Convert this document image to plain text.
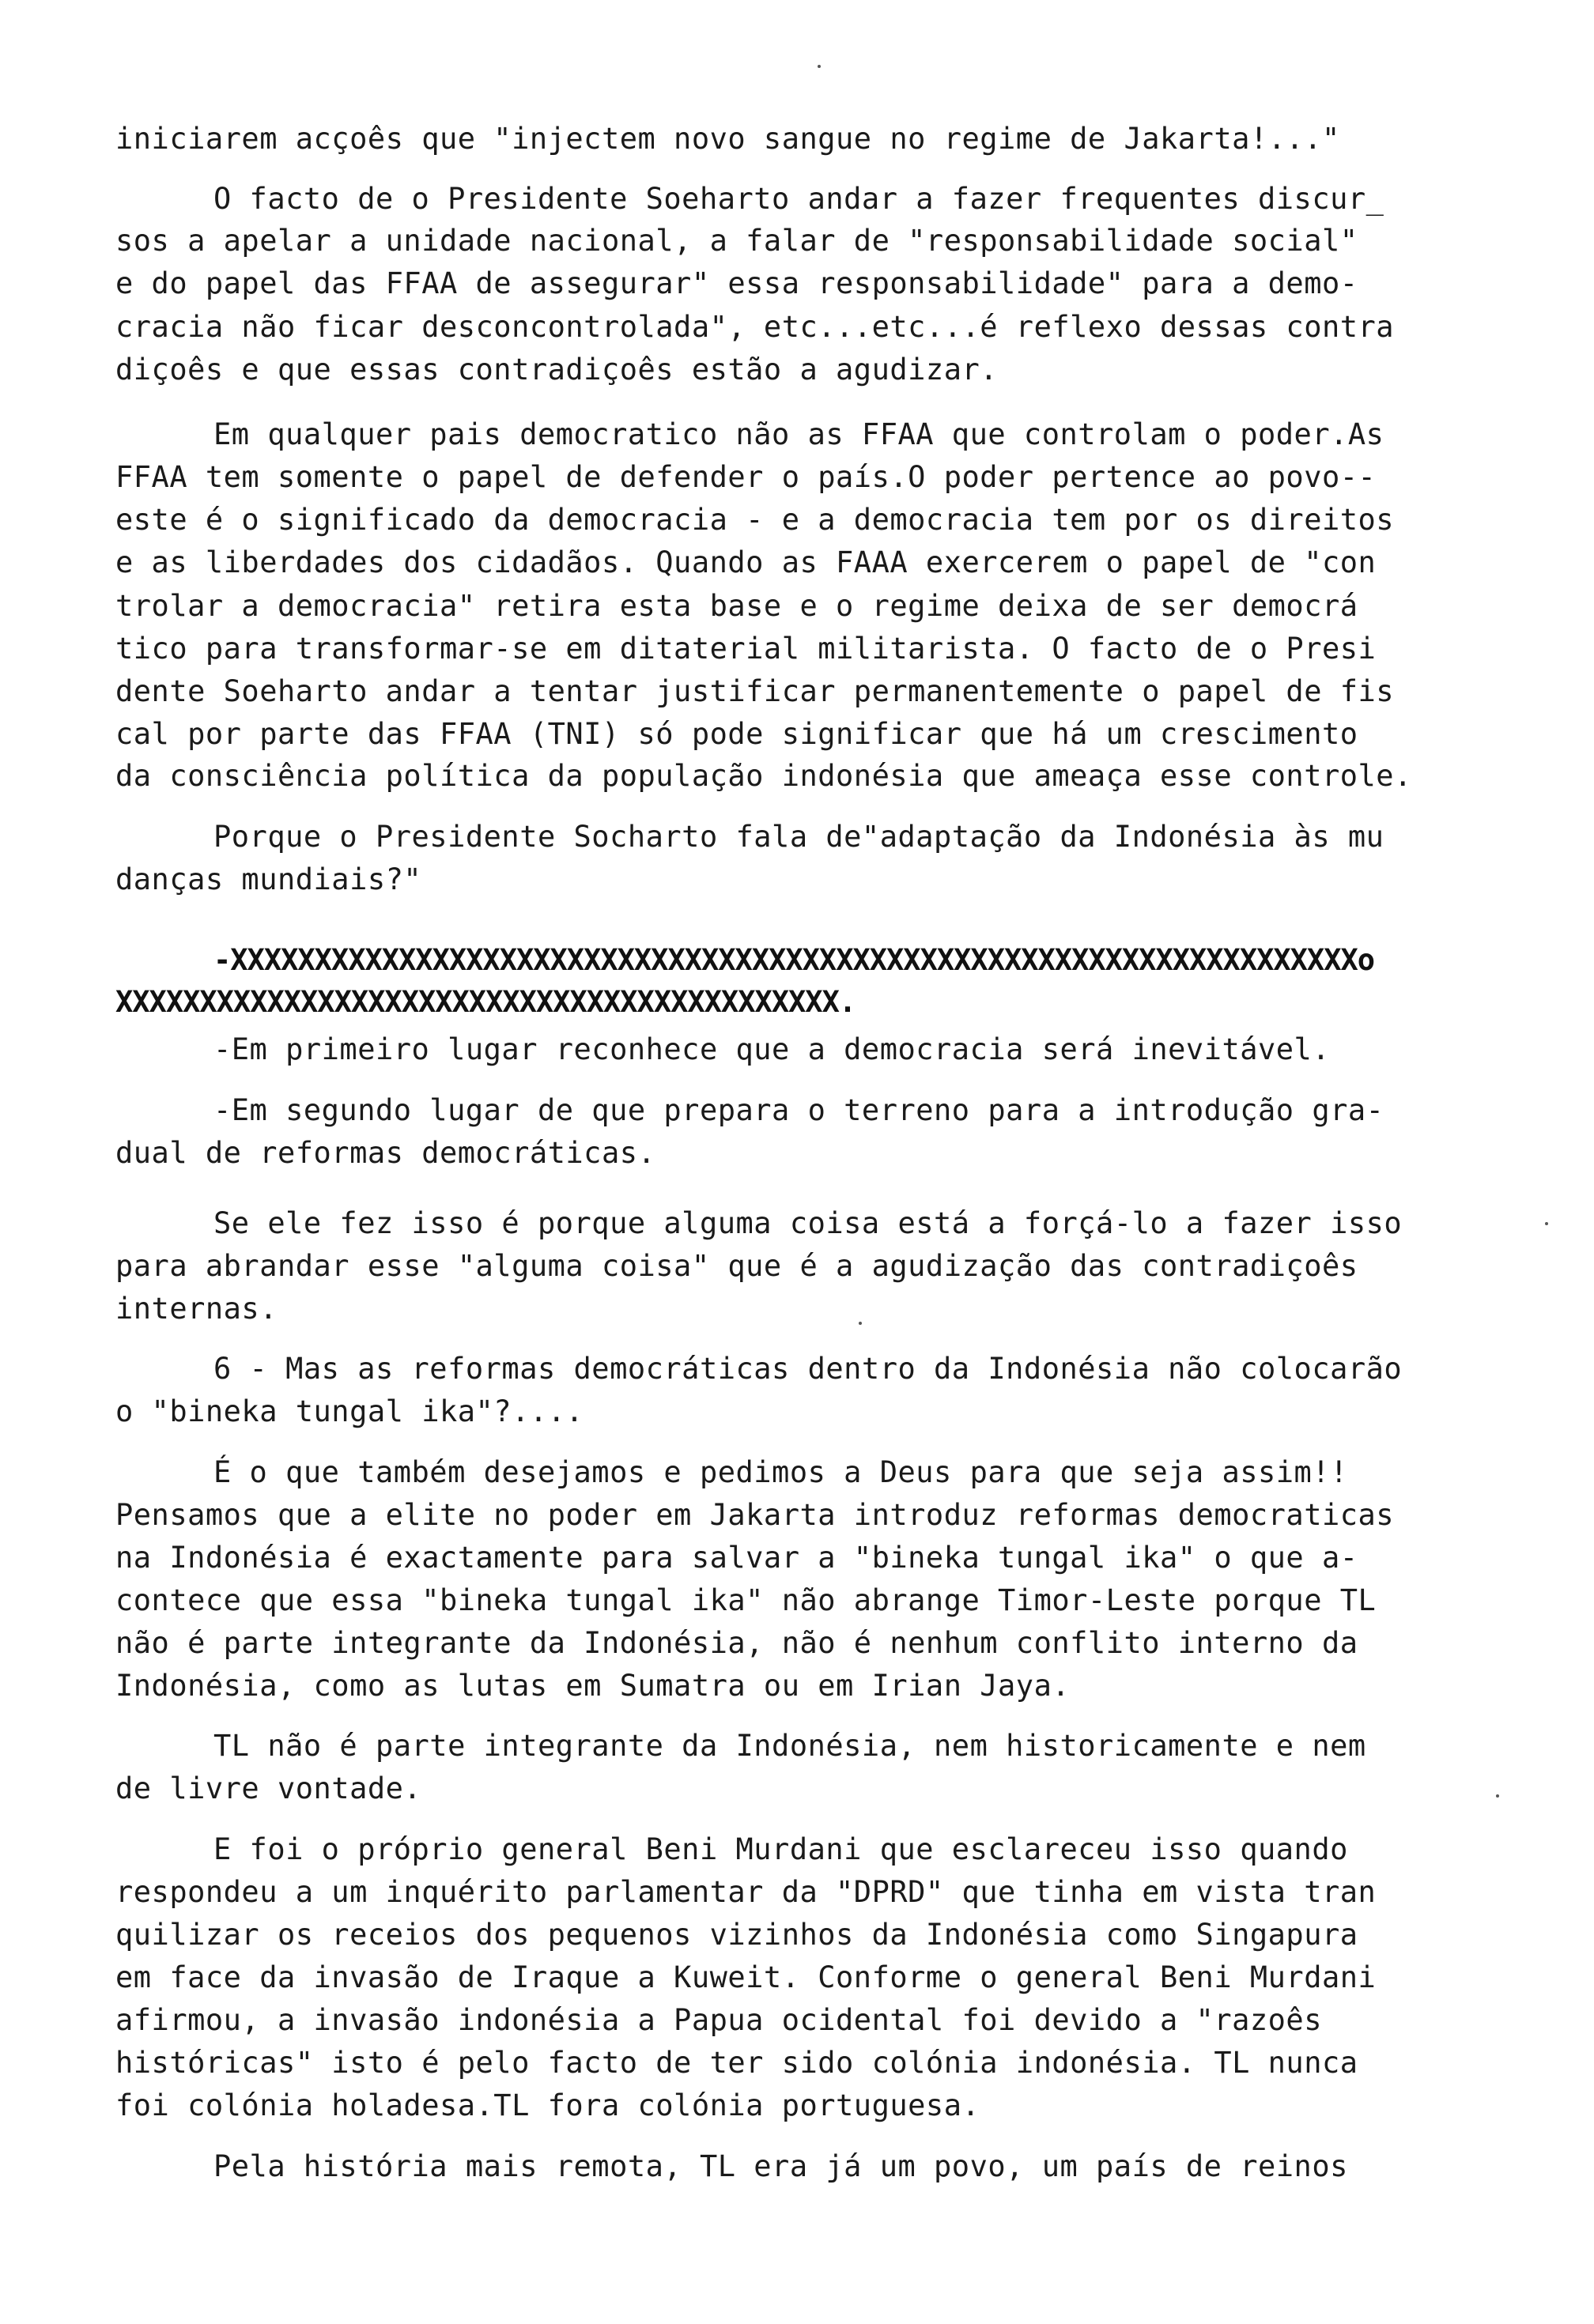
iniciarem acçoês que "injectem novo sangue no regime de Jakarta!..."
O facto de o Presidente Soeharto andar a fazer frequentes discur_
sos a apelar a unidade nacional, a falar de "responsabilidade social"
e do papel das FFAA de assegurar" essa responsabilidade" para a demo-
cracia não ficar desconcontrolada", etc...etc...é reflexo dessas contra
diçoês e que essas contradiçoês estão a agudizar.
Em qualquer pais democratico não as FFAA que controlam o poder.As
FFAA tem somente o papel de defender o país.O poder pertence ao povo--
este é o significado da democracia - e a democracia tem por os direitos
e as liberdades dos cidadãos. Quando as FAAA exercerem o papel de "con
trolar a democracia" retira esta base e o regime deixa de ser democrá
tico para transformar-se em ditaterial militarista. O facto de o Presi
dente Soeharto andar a tentar justificar permanentemente o papel de fis
cal por parte das FFAA (TNI) só pode significar que há um crescimento
da consciência política da população indonésia que ameaça esse controle.
Porque o Presidente Socharto fala de"adaptação da Indonésia às mu
danças mundiais?"
-XXXXXXXXXXXXXXXXXXXXXXXXXXXXXXXXXXXXXXXXXXXXXXXXXXXXXXXXXXXXXXXXXXXo
XXXXXXXXXXXXXXXXXXXXXXXXXXXXXXXXXXXXXXXXXXX.
-Em primeiro lugar reconhece que a democracia será inevitável.
-Em segundo lugar de que prepara o terreno para a introdução gra-
dual de reformas democráticas.
Se ele fez isso é porque alguma coisa está a forçá-lo a fazer isso
para abrandar esse "alguma coisa" que é a agudização das contradiçoês
internas.
6 - Mas as reformas democráticas dentro da Indonésia não colocarão
o "bineka tungal ika"?....
É o que também desejamos e pedimos a Deus para que seja assim!!
Pensamos que a elite no poder em Jakarta introduz reformas democraticas
na Indonésia é exactamente para salvar a "bineka tungal ika" o que a-
contece que essa "bineka tungal ika" não abrange Timor-Leste porque TL
não é parte integrante da Indonésia, não é nenhum conflito interno da
Indonésia, como as lutas em Sumatra ou em Irian Jaya.
TL não é parte integrante da Indonésia, nem historicamente e nem
de livre vontade.
E foi o próprio general Beni Murdani que esclareceu isso quando
respondeu a um inquérito parlamentar da "DPRD" que tinha em vista tran
quilizar os receios dos pequenos vizinhos da Indonésia como Singapura
em face da invasão de Iraque a Kuweit. Conforme o general Beni Murdani
afirmou, a invasão indonésia a Papua ocidental foi devido a "razoês
históricas" isto é pelo facto de ter sido colónia indonésia. TL nunca
foi colónia holadesa.TL fora colónia portuguesa.
Pela história mais remota, TL era já um povo, um país de reinos
